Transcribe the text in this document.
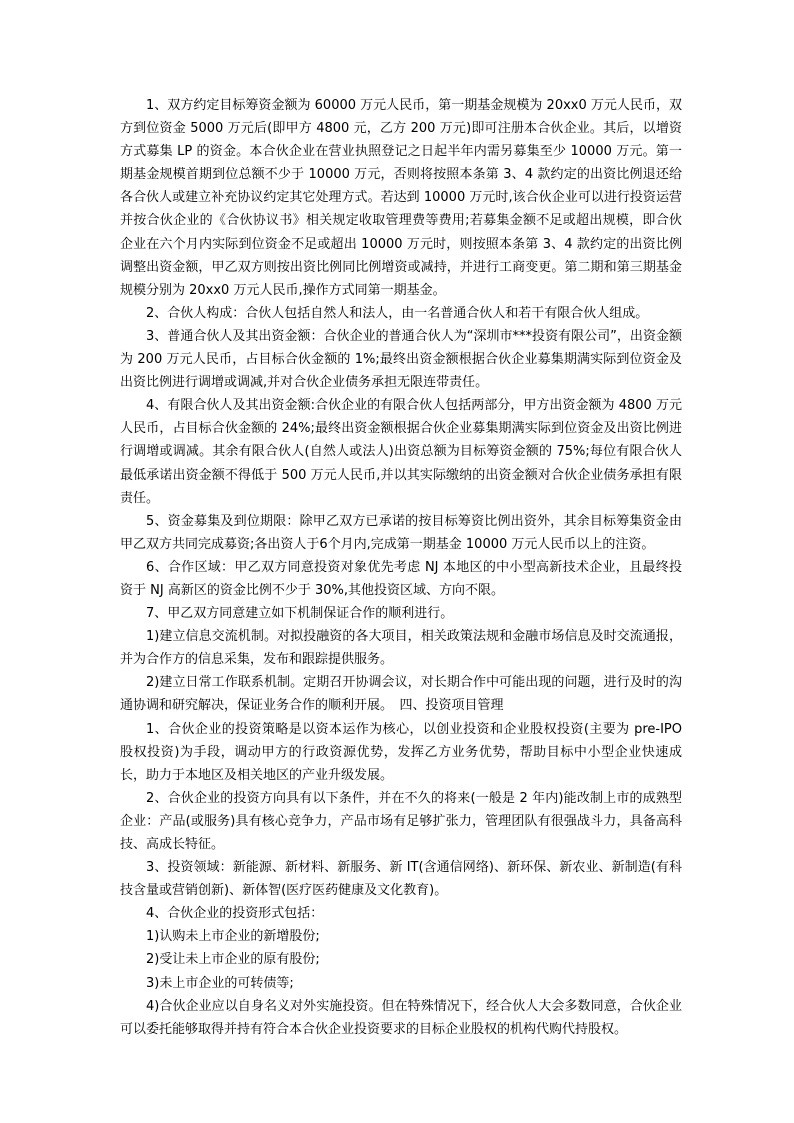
1、双方约定目标筹资金额为 60000 万元人民币，第一期基金规模为 20xx0 万元人民币，双方到位资金 5000 万元后(即甲方 4800 元，乙方 200 万元)即可注册本合伙企业。其后，以增资方式募集 LP 的资金。本合伙企业在营业执照登记之日起半年内需另募集至少 10000 万元。第一期基金规模首期到位总额不少于 10000 万元，否则将按照本条第 3、4 款约定的出资比例退还给各合伙人或建立补充协议约定其它处理方式。若达到 10000 万元时,该合伙企业可以进行投资运营并按合伙企业的《合伙协议书》相关规定收取管理费等费用;若募集金额不足或超出规模，即合伙企业在六个月内实际到位资金不足或超出 10000 万元时，则按照本条第 3、4 款约定的出资比例调整出资金额，甲乙双方则按出资比例同比例增资或减持，并进行工商变更。第二期和第三期基金规模分别为 20xx0 万元人民币,操作方式同第一期基金。

2、合伙人构成：合伙人包括自然人和法人，由一名普通合伙人和若干有限合伙人组成。

3、普通合伙人及其出资金额：合伙企业的普通合伙人为“深圳市***投资有限公司”，出资金额为 200 万元人民币，占目标合伙金额的 1%;最终出资金额根据合伙企业募集期满实际到位资金及出资比例进行调增或调减,并对合伙企业债务承担无限连带责任。

4、有限合伙人及其出资金额:合伙企业的有限合伙人包括两部分，甲方出资金额为 4800 万元人民币，占目标合伙金额的 24%;最终出资金额根据合伙企业募集期满实际到位资金及出资比例进行调增或调减。其余有限合伙人(自然人或法人)出资总额为目标筹资金额的 75%;每位有限合伙人最低承诺出资金额不得低于 500 万元人民币,并以其实际缴纳的出资金额对合伙企业债务承担有限责任。

5、资金募集及到位期限：除甲乙双方已承诺的按目标筹资比例出资外，其余目标筹集资金由甲乙双方共同完成募资;各出资人于6个月内,完成第一期基金 10000 万元人民币以上的注资。

6、合作区域：甲乙双方同意投资对象优先考虑 NJ 本地区的中小型高新技术企业，且最终投资于 NJ 高新区的资金比例不少于 30%,其他投资区域、方向不限。

7、甲乙双方同意建立如下机制保证合作的顺利进行。

1)建立信息交流机制。对拟投融资的各大项目，相关政策法规和金融市场信息及时交流通报，并为合作方的信息采集，发布和跟踪提供服务。

2)建立日常工作联系机制。定期召开协调会议，对长期合作中可能出现的问题，进行及时的沟通协调和研究解决，保证业务合作的顺利开展。　四、投资项目管理

1、合伙企业的投资策略是以资本运作为核心，以创业投资和企业股权投资(主要为 pre-IPO 股权投资)为手段，调动甲方的行政资源优势，发挥乙方业务优势，帮助目标中小型企业快速成长，助力于本地区及相关地区的产业升级发展。

2、合伙企业的投资方向具有以下条件，并在不久的将来(一般是 2 年内)能改制上市的成熟型企业：产品(或服务)具有核心竞争力，产品市场有足够扩张力，管理团队有很强战斗力，具备高科技、高成长特征。

3、投资领域：新能源、新材料、新服务、新 IT(含通信网络)、新环保、新农业、新制造(有科技含量或营销创新)、新体智(医疗医药健康及文化教育)。

4、合伙企业的投资形式包括：

1)认购未上市企业的新增股份;

2)受让未上市企业的原有股份;

3)未上市企业的可转债等;

4)合伙企业应以自身名义对外实施投资。但在特殊情况下，经合伙人大会多数同意，合伙企业可以委托能够取得并持有符合本合伙企业投资要求的目标企业股权的机构代购代持股权。
